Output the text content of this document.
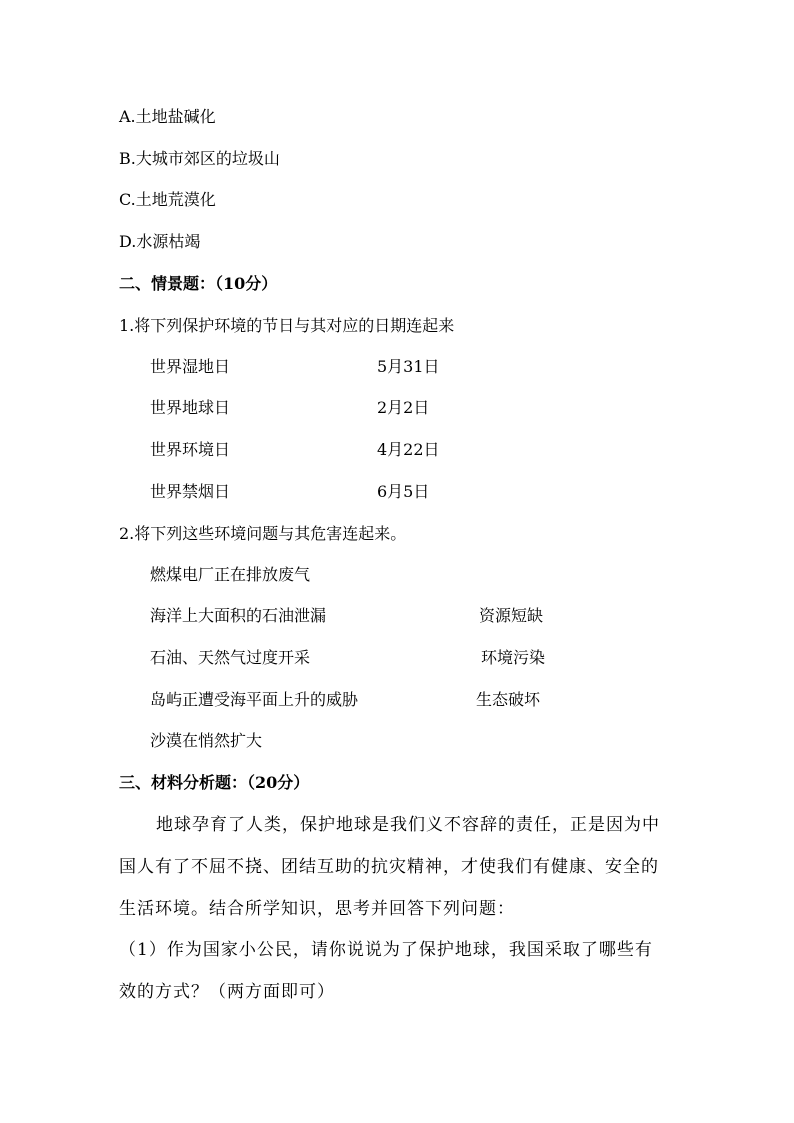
A.土地盐碱化
B.大城市郊区的垃圾山
C.土地荒漠化
D.水源枯竭
二、情景题：（10分）
1.将下列保护环境的节日与其对应的日期连起来
世界湿地日	5月31日
世界地球日	2月2日
世界环境日	4月22日
世界禁烟日	6月5日
2.将下列这些环境问题与其危害连起来。
燃煤电厂正在排放废气
海洋上大面积的石油泄漏	资源短缺
石油、天然气过度开采	环境污染
岛屿正遭受海平面上升的威胁	生态破坏
沙漠在悄然扩大
三、材料分析题：（20分）
地球孕育了人类，保护地球是我们义不容辞的责任，正是因为中
国人有了不屈不挠、团结互助的抗灾精神，才使我们有健康、安全的
生活环境。结合所学知识，思考并回答下列问题：
（1）作为国家小公民，请你说说为了保护地球，我国采取了哪些有
效的方式？（两方面即可）
